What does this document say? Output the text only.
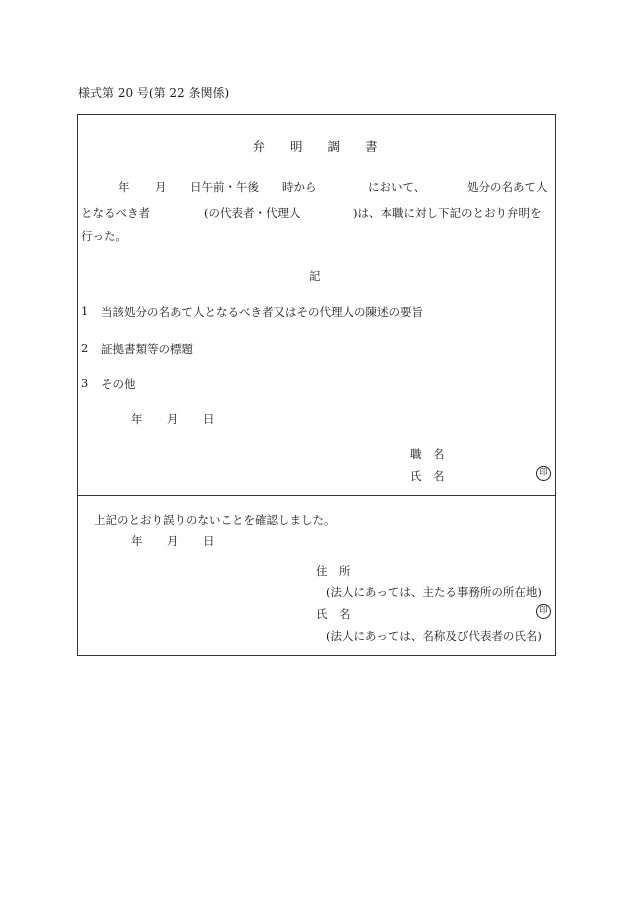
様式第 20 号(第 22 条関係)
弁　　明　　調　　書
年 月 日午前・午後 時から	において、	処分の名あて人
となるべき者	(の代表者・代理人	)は、本職に対し下記のとおり弁明を
行った。
記
1 当該処分の名あて人となるべき者又はその代理人の陳述の要旨
2 証拠書類等の標題
3 その他
年 月 日
職　名
氏　名	印
上記のとおり誤りのないことを確認しました。
年 月 日
住　所
(法人にあっては、主たる事務所の所在地)
氏　名	印
(法人にあっては、名称及び代表者の氏名)
